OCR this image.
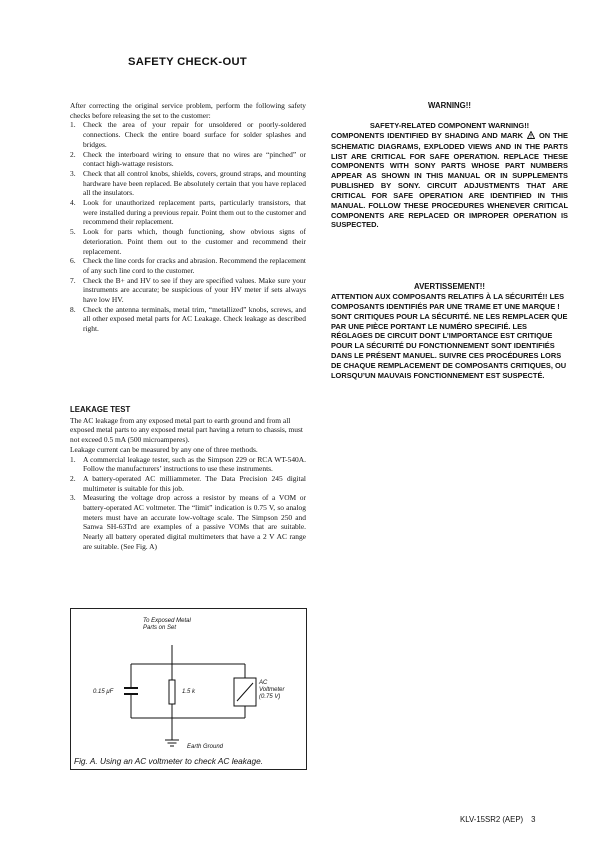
SAFETY CHECK-OUT

After correcting the original service problem, perform the following safety checks before releasing the set to the customer:

1. Check the area of your repair for unsoldered or poorly-soldered connections. Check the entire board surface for solder splashes and bridges.
2. Check the interboard wiring to ensure that no wires are “pinched” or contact high-wattage resistors.
3. Check that all control knobs, shields, covers, ground straps, and mounting hardware have been replaced. Be absolutely certain that you have replaced all the insulators.
4. Look for unauthorized replacement parts, particularly transistors, that were installed during a previous repair. Point them out to the customer and recommend their replacement.
5. Look for parts which, though functioning, show obvious signs of deterioration. Point them out to the customer and recommend their replacement.
6. Check the line cords for cracks and abrasion. Recommend the replacement of any such line cord to the customer.
7. Check the B+ and HV to see if they are specified values. Make sure your instruments are accurate; be suspicious of your HV meter if sets always have low HV.
8. Check the antenna terminals, metal trim, “metallized” knobs, screws, and all other exposed metal parts for AC Leakage. Check leakage as described right.
LEAKAGE TEST

The AC leakage from any exposed metal part to earth ground and from all exposed metal parts to any exposed metal part having a return to chassis, must not exceed 0.5 mA (500 microamperes).

Leakage current can be measured by any one of three methods.

1. A commercial leakage tester, such as the Simpson 229 or RCA WT-540A. Follow the manufacturers’ instructions to use these instruments.
2. A battery-operated AC milliammeter. The Data Precision 245 digital multimeter is suitable for this job.
3. Measuring the voltage drop across a resistor by means of a VOM or battery-operated AC voltmeter. The “limit” indication is 0.75 V, so analog meters must have an accurate low-voltage scale. The Simpson 250 and Sanwa SH-63Trd are examples of a passive VOMs that are suitable. Nearly all battery operated digital multimeters that have a 2 V AC range are suitable. (See Fig. A)
To Exposed Metal
Parts on Set
0.15 μF	1.5 k
AC
Voltmeter
(0.75 V)
Earth Ground
Fig. A. Using an AC voltmeter to check AC leakage.
WARNING!!
SAFETY-RELATED COMPONENT WARNING!!
COMPONENTS IDENTIFIED BY SHADING AND MARK ON THE SCHEMATIC DIAGRAMS, EXPLODED VIEWS AND IN THE PARTS LIST ARE CRITICAL FOR SAFE OPERATION. REPLACE THESE COMPONENTS WITH SONY PARTS WHOSE PART NUMBERS APPEAR AS SHOWN IN THIS MANUAL OR IN SUPPLEMENTS PUBLISHED BY SONY. CIRCUIT ADJUSTMENTS THAT ARE CRITICAL FOR SAFE OPERATION ARE IDENTIFIED IN THIS MANUAL. FOLLOW THESE PROCEDURES WHENEVER CRITICAL COMPONENTS ARE REPLACED OR IMPROPER OPERATION IS SUSPECTED.
AVERTISSEMENT!!
ATTENTION AUX COMPOSANTS RELATIFS À LA SÉCURITÉ!! LES COMPOSANTS IDENTIFIÉS PAR UNE TRAME ET UNE MARQUE ! SONT CRITIQUES POUR LA SÉCURITÉ. NE LES REMPLACER QUE PAR UNE PIÈCE PORTANT LE NUMÉRO SPECIFIÉ. LES RÉGLAGES DE CIRCUIT DONT L’IMPORTANCE EST CRITIQUE POUR LA SÉCURITÉ DU FONCTIONNEMENT SONT IDENTIFIÉS DANS LE PRÉSENT MANUEL. SUIVRE CES PROCÉDURES LORS DE CHAQUE REMPLACEMENT DE COMPOSANTS CRITIQUES, OU LORSQU’UN MAUVAIS FONCTIONNEMENT EST SUSPECTÉ.
KLV-15SR2 (AEP) 3
